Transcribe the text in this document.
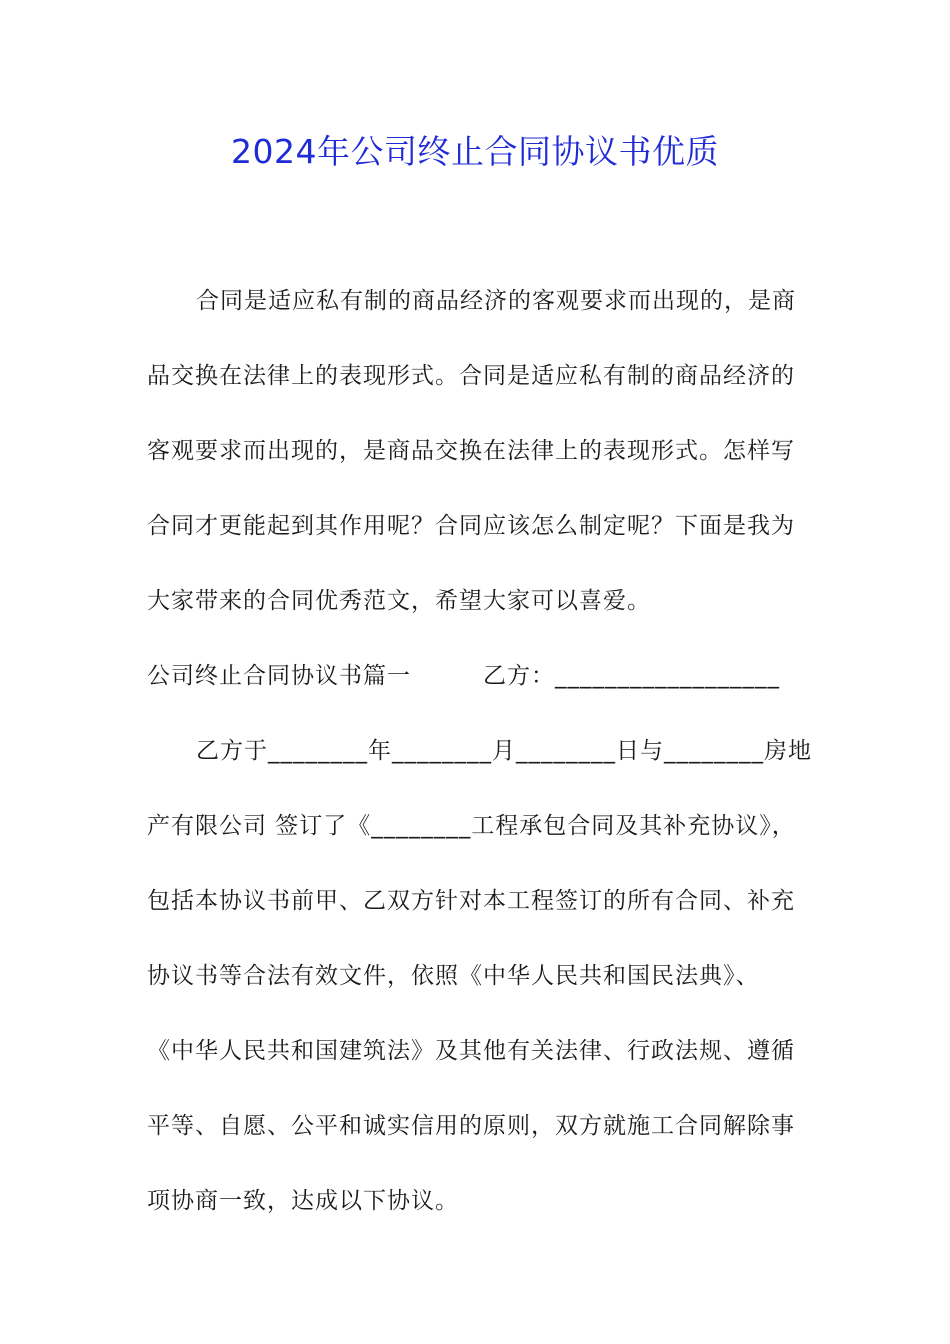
2024年公司终止合同协议书优质

合同是适应私有制的商品经济的客观要求而出现的，是商
品交换在法律上的表现形式。合同是适应私有制的商品经济的
客观要求而出现的，是商品交换在法律上的表现形式。怎样写
合同才更能起到其作用呢？合同应该怎么制定呢？下面是我为
大家带来的合同优秀范文，希望大家可以喜爱。

公司终止合同协议书篇一　　　乙方：__________________

乙方于________年________月________日与________房地
产有限公司 签订了《________工程承包合同及其补充协议》，
包括本协议书前甲、乙双方针对本工程签订的所有合同、补充
协议书等合法有效文件，依照《中华人民共和国民法典》、
《中华人民共和国建筑法》及其他有关法律、行政法规、遵循
平等、自愿、公平和诚实信用的原则，双方就施工合同解除事
项协商一致，达成以下协议。
